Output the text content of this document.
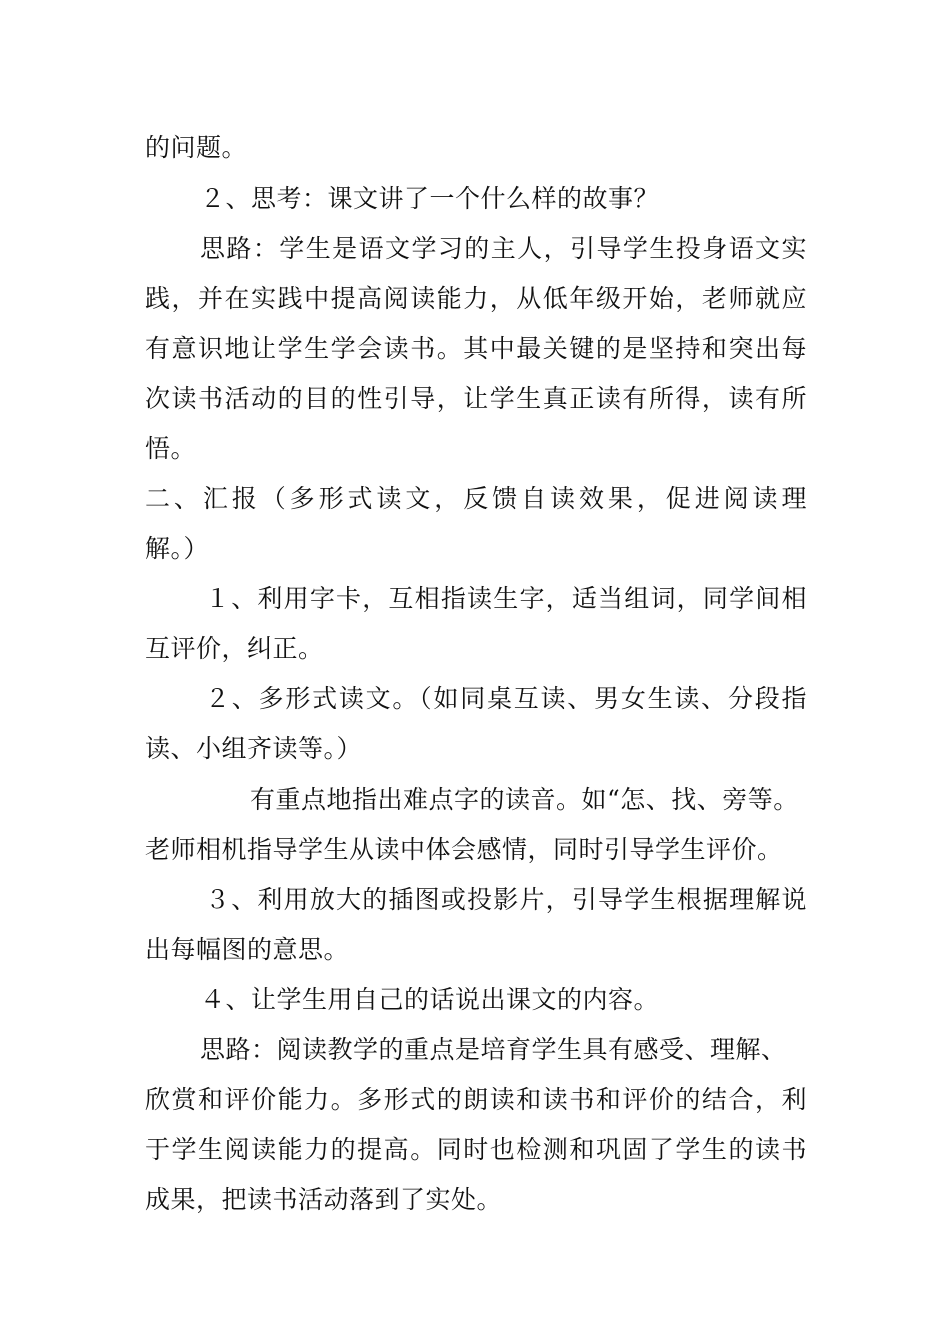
的问题。
２、思考：课文讲了一个什么样的故事？
思路：学生是语文学习的主人，引导学生投身语文实
践，并在实践中提高阅读能力，从低年级开始，老师就应
有意识地让学生学会读书。其中最关键的是坚持和突出每
次读书活动的目的性引导，让学生真正读有所得，读有所
悟。
二、汇报（多形式读文，反馈自读效果，促进阅读理
解。）
１、利用字卡，互相指读生字，适当组词，同学间相
互评价，纠正。
２、多形式读文。（如同桌互读、男女生读、分段指
读、小组齐读等。）
有重点地指出难点字的读音。如“怎、找、旁等。
老师相机指导学生从读中体会感情，同时引导学生评价。
３、利用放大的插图或投影片，引导学生根据理解说
出每幅图的意思。
４、让学生用自己的话说出课文的内容。
思路：阅读教学的重点是培育学生具有感受、理解、
欣赏和评价能力。多形式的朗读和读书和评价的结合，利
于学生阅读能力的提高。同时也检测和巩固了学生的读书
成果，把读书活动落到了实处。
